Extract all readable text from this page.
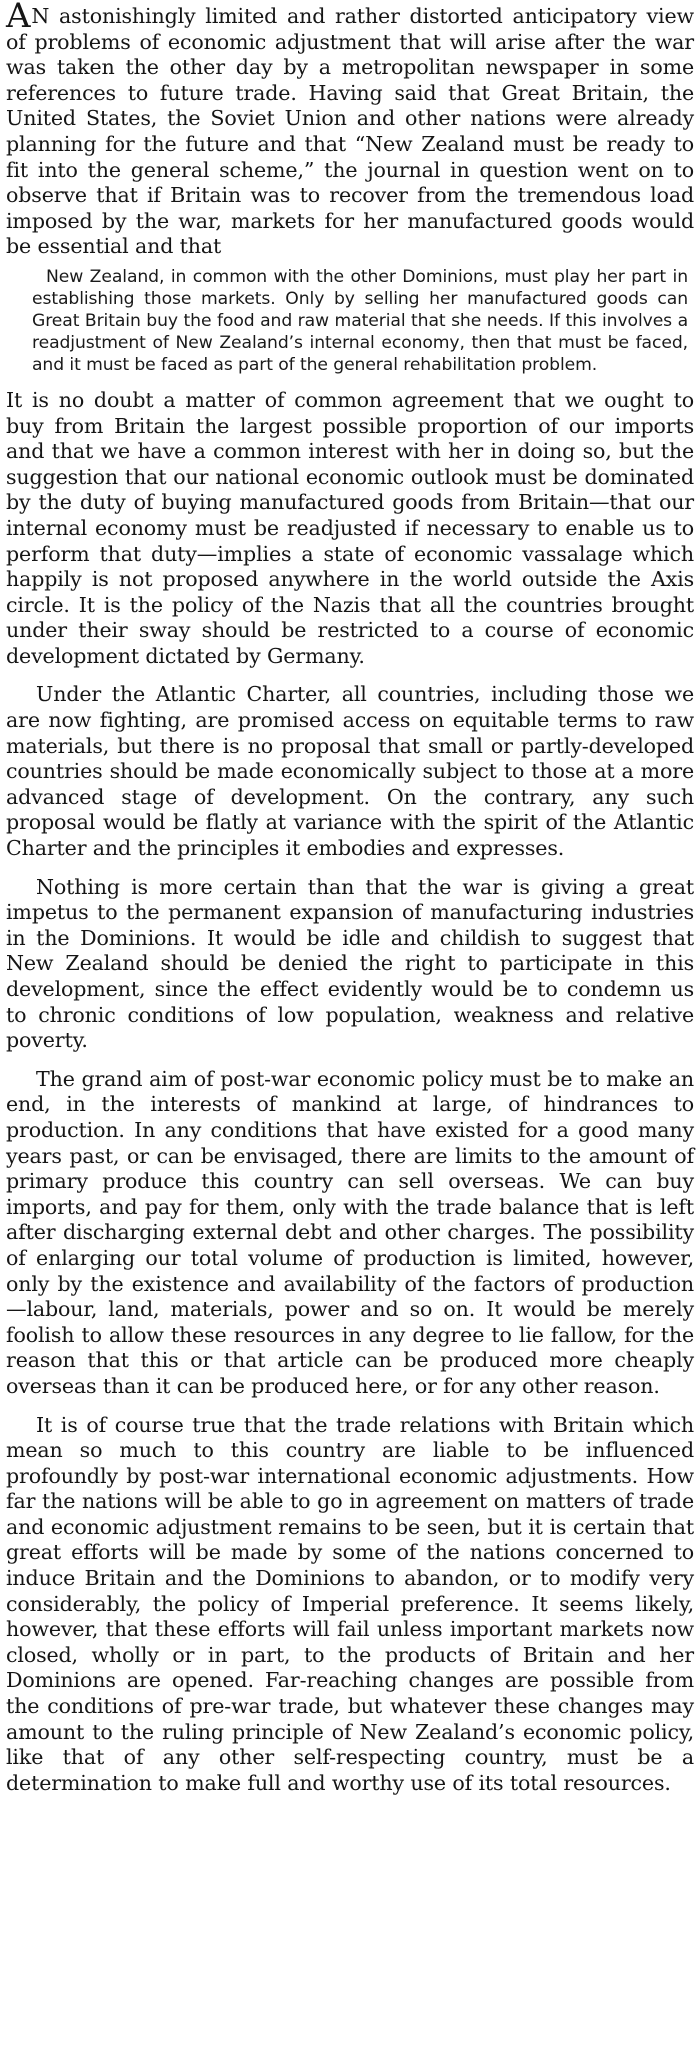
AN astonishingly limited and rather distorted anticipatory view of problems of economic adjustment that will arise after the war was taken the other day by a metropolitan newspaper in some references to future trade. Having said that Great Britain, the United States, the Soviet Union and other nations were already planning for the future and that “New Zealand must be ready to fit into the general scheme,” the journal in question went on to observe that if Britain was to recover from the tremendous load imposed by the war, markets for her manufactured goods would be essential and that

New Zealand, in common with the other Dominions, must play her part in establishing those markets. Only by selling her manufactured goods can Great Britain buy the food and raw material that she needs. If this involves a readjustment of New Zealand’s internal economy, then that must be faced, and it must be faced as part of the general rehabilitation problem.

It is no doubt a matter of common agreement that we ought to buy from Britain the largest possible proportion of our imports and that we have a common interest with her in doing so, but the suggestion that our national economic outlook must be dominated by the duty of buying manufactured goods from Britain—that our internal economy must be readjusted if necessary to enable us to perform that duty—implies a state of economic vassalage which happily is not proposed anywhere in the world outside the Axis circle. It is the policy of the Nazis that all the countries brought under their sway should be restricted to a course of economic development dictated by Germany.

Under the Atlantic Charter, all countries, including those we are now fighting, are promised access on equitable terms to raw materials, but there is no proposal that small or partly-developed countries should be made economically subject to those at a more advanced stage of development. On the contrary, any such proposal would be flatly at variance with the spirit of the Atlantic Charter and the principles it embodies and expresses.

Nothing is more certain than that the war is giving a great impetus to the permanent expansion of manufacturing industries in the Dominions. It would be idle and childish to suggest that New Zealand should be denied the right to participate in this development, since the effect evidently would be to condemn us to chronic conditions of low population, weakness and relative poverty.

The grand aim of post-war economic policy must be to make an end, in the interests of mankind at large, of hindrances to production. In any conditions that have existed for a good many years past, or can be envisaged, there are limits to the amount of primary produce this country can sell overseas. We can buy imports, and pay for them, only with the trade balance that is left after discharging external debt and other charges. The possibility of enlarging our total volume of production is limited, however, only by the existence and availability of the factors of production—labour, land, materials, power and so on. It would be merely foolish to allow these resources in any degree to lie fallow, for the reason that this or that article can be produced more cheaply overseas than it can be produced here, or for any other reason.

It is of course true that the trade relations with Britain which mean so much to this country are liable to be influenced profoundly by post-war international economic adjustments. How far the nations will be able to go in agreement on matters of trade and economic adjustment remains to be seen, but it is certain that great efforts will be made by some of the nations concerned to induce Britain and the Dominions to abandon, or to modify very considerably, the policy of Imperial preference. It seems likely, however, that these efforts will fail unless important markets now closed, wholly or in part, to the products of Britain and her Dominions are opened. Far-reaching changes are possible from the conditions of pre-war trade, but whatever these changes may amount to the ruling principle of New Zealand’s economic policy, like that of any other self-respecting country, must be a determination to make full and worthy use of its total resources.
